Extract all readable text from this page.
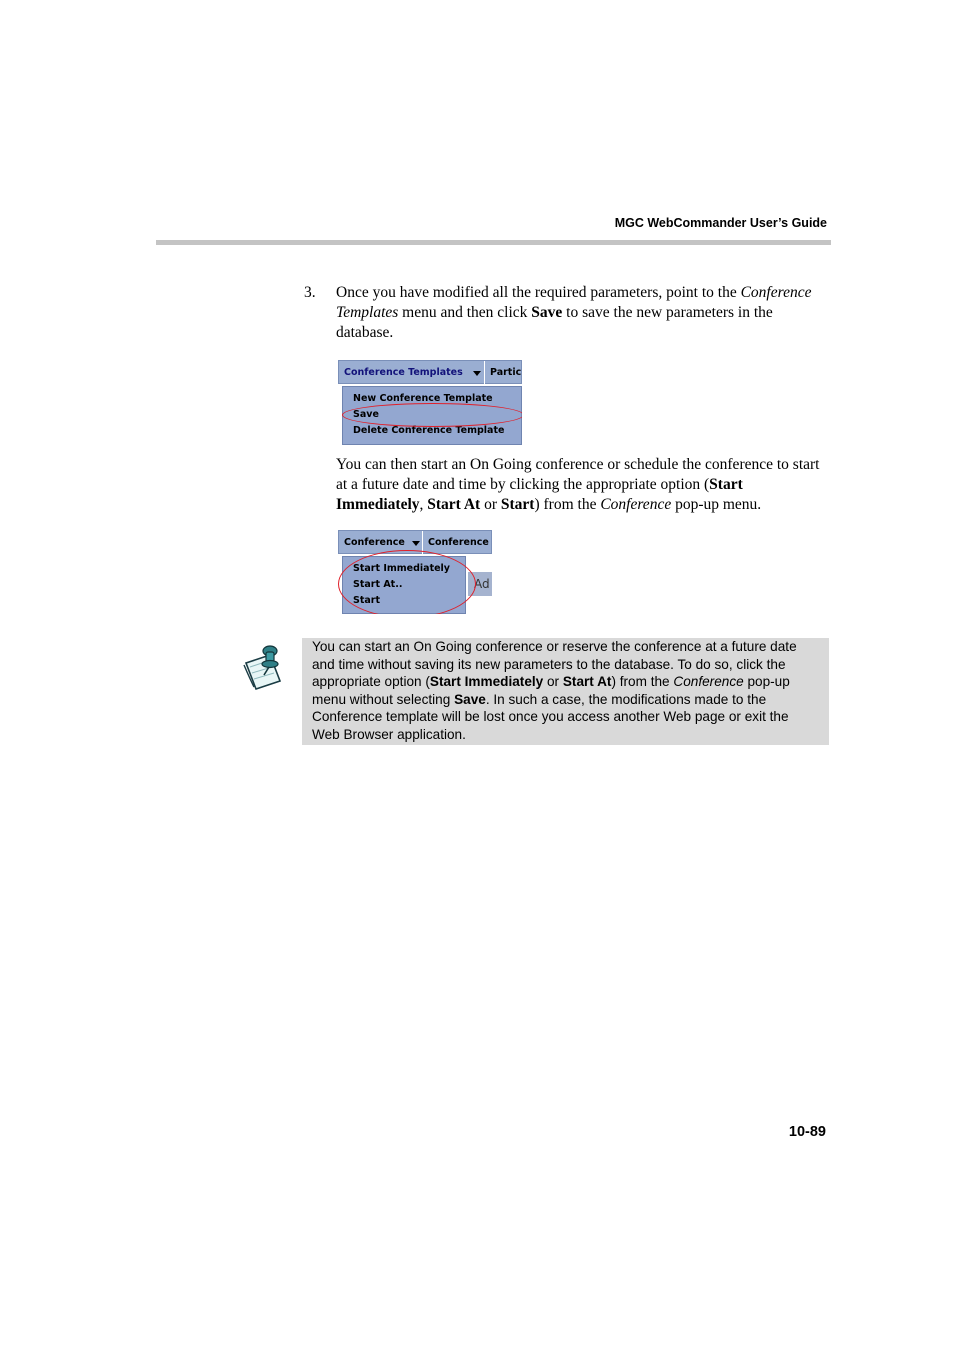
MGC WebCommander User’s Guide
3. Once you have modified all the required parameters, point to the Conference Templates menu and then click Save to save the new parameters in the database.
Conference Templates	Partic
New Conference Template
Save
Delete Conference Template
You can then start an On Going conference or schedule the conference to start at a future date and time by clicking the appropriate option (Start Immediately, Start At or Start) from the Conference pop-up menu.
Conference	Conference
Ad
Start Immediately
Start At..
Start
You can start an On Going conference or reserve the conference at a future date and time without saving its new parameters to the database. To do so, click the appropriate option (Start Immediately or Start At) from the Conference pop-up menu without selecting Save. In such a case, the modifications made to the Conference template will be lost once you access another Web page or exit the Web Browser application.
10-89
